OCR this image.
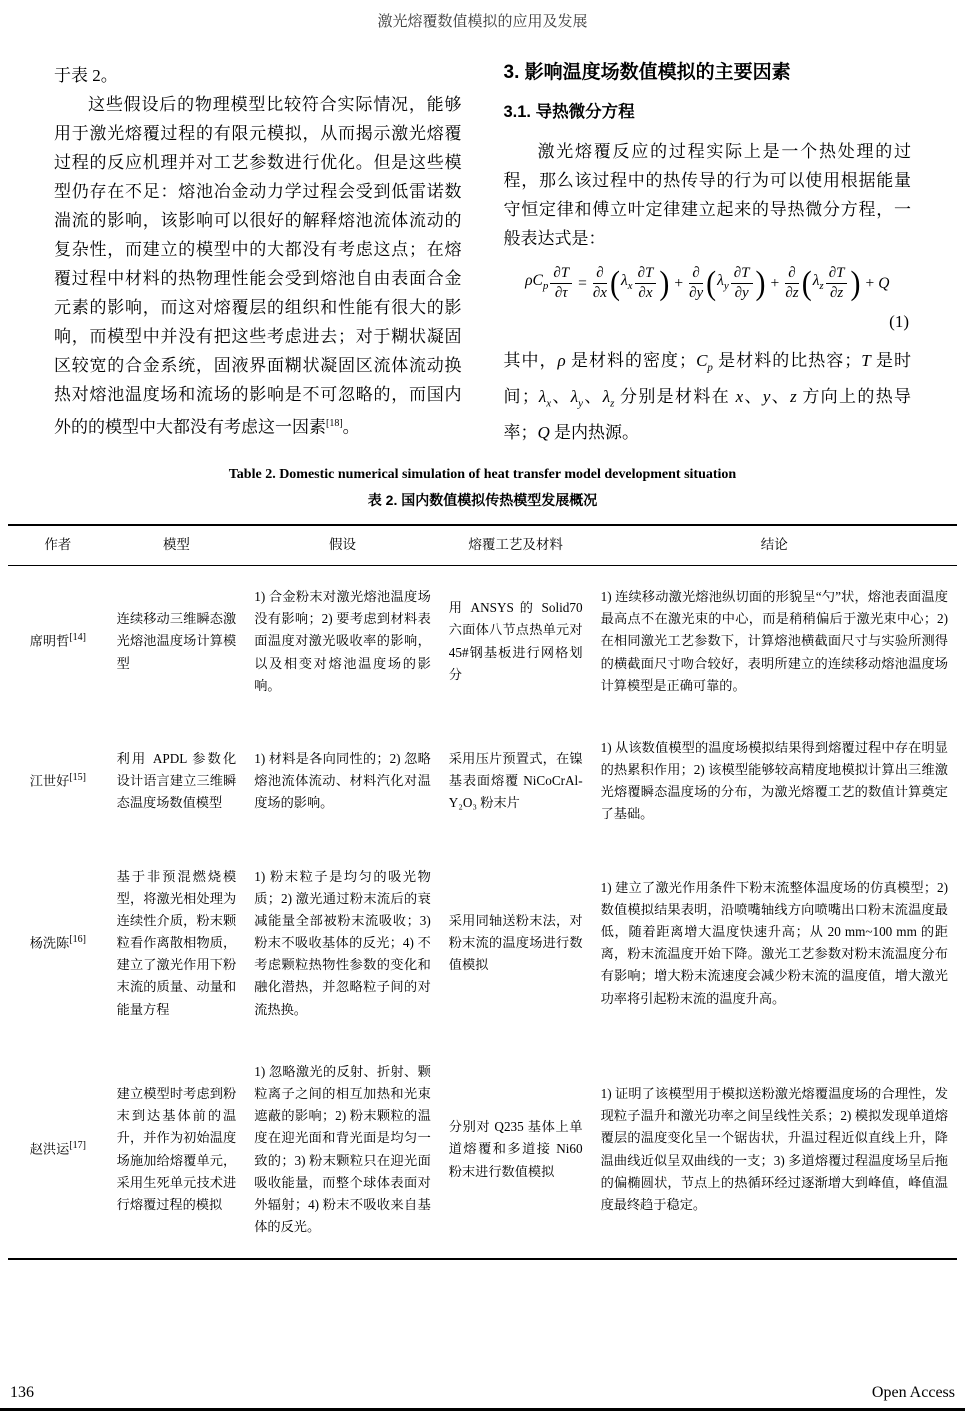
激光熔覆数值模拟的应用及发展

于表 2。

这些假设后的物理模型比较符合实际情况，能够用于激光熔覆过程的有限元模拟，从而揭示激光熔覆过程的反应机理并对工艺参数进行优化。但是这些模型仍存在不足：熔池冶金动力学过程会受到低雷诺数湍流的影响，该影响可以很好的解释熔池流体流动的复杂性，而建立的模型中的大都没有考虑这点；在熔覆过程中材料的热物理性能会受到熔池自由表面合金元素的影响，而这对熔覆层的组织和性能有很大的影响，而模型中并没有把这些考虑进去；对于糊状凝固区较宽的合金系统，固液界面糊状凝固区流体流动换热对熔池温度场和流场的影响是不可忽略的，而国内外的的模型中大都没有考虑这一因素[18]。

3. 影响温度场数值模拟的主要因素
3.1. 导热微分方程

激光熔覆反应的过程实际上是一个热处理的过程，那么该过程中的热传导的行为可以使用根据能量守恒定律和傅立叶定律建立起来的导热微分方程，一般表达式是：

$\rho C_p \frac{\partial T}{\partial\tau} = \frac{\partial}{\partial x}$ ( $\lambda_x \frac{\partial T}{\partial x}$ ) + $\frac{\partial}{\partial y}$ ( $\lambda_y \frac{\partial T}{\partial y}$ ) + $\frac{\partial}{\partial z}$ ( $\lambda_z \frac{\partial T}{\partial z}$ ) + Q
(1)

其中，ρ 是材料的密度；$C_p$ 是材料的比热容；T 是时间；$\lambda_x$、$\lambda_y$、$\lambda_z$ 分别是材料在 x、y、z 方向上的热导率；Q 是内热源。

Table 2. Domestic numerical simulation of heat transfer model development situation
表 2. 国内数值模拟传热模型发展概况
作者	模型	假设	熔覆工艺及材料	结论
席明哲[14]	连续移动三维瞬态激光熔池温度场计算模型	1) 合金粉末对激光熔池温度场没有影响；2) 要考虑到材料表面温度对激光吸收率的影响，以及相变对熔池温度场的影响。	用 ANSYS 的 Solid70 六面体八节点热单元对45#钢基板进行网格划分	1) 连续移动激光熔池纵切面的形貌呈“勺”状，熔池表面温度最高点不在激光束的中心，而是稍稍偏后于激光束中心；2) 在相同激光工艺参数下，计算熔池横截面尺寸与实验所测得的横截面尺寸吻合较好，表明所建立的连续移动熔池温度场计算模型是正确可靠的。
江世好[15]	利用 APDL 参数化设计语言建立三维瞬态温度场数值模型	1) 材料是各向同性的；2) 忽略熔池流体流动、材料汽化对温度场的影响。	采用压片预置式，在镍基表面熔覆 NiCoCrAl-Y₂O₃ 粉末片	1) 从该数值模型的温度场模拟结果得到熔覆过程中存在明显的热累积作用；2) 该模型能够较高精度地模拟计算出三维激光熔覆瞬态温度场的分布，为激光熔覆工艺的数值计算奠定了基础。
杨洗陈[16]	基于非预混燃烧模型，将激光相处理为连续性介质，粉末颗粒看作离散相物质，建立了激光作用下粉末流的质量、动量和能量方程	1) 粉末粒子是均匀的吸光物质；2) 激光通过粉末流后的衰减能量全部被粉末流吸收；3) 粉末不吸收基体的反光；4) 不考虑颗粒热物性参数的变化和融化潜热，并忽略粒子间的对流热换。	采用同轴送粉末法，对粉末流的温度场进行数值模拟	1) 建立了激光作用条件下粉末流整体温度场的仿真模型；2) 数值模拟结果表明，沿喷嘴轴线方向喷嘴出口粉末流温度最低，随着距离增大温度快速升高；从 20 mm~100 mm 的距离，粉末流温度开始下降。激光工艺参数对粉末流温度分布有影响；增大粉末流速度会减少粉末流的温度值，增大激光功率将引起粉末流的温度升高。
赵洪运[17]	建立模型时考虑到粉末到达基体前的温升，并作为初始温度场施加给熔覆单元，采用生死单元技术进行熔覆过程的模拟	1) 忽略激光的反射、折射、颗粒离子之间的相互加热和光束遮蔽的影响；2) 粉末颗粒的温度在迎光面和背光面是均匀一致的；3) 粉末颗粒只在迎光面吸收能量，而整个球体表面对外辐射；4) 粉末不吸收来自基体的反光。	分别对 Q235 基体上单道熔覆和多道接 Ni60 粉末进行数值模拟	1) 证明了该模型用于模拟送粉激光熔覆温度场的合理性，发现粒子温升和激光功率之间呈线性关系；2) 模拟发现单道熔覆层的温度变化呈一个锯齿状，升温过程近似直线上升，降温曲线近似呈双曲线的一支；3) 多道熔覆过程温度场呈后拖的偏椭圆状，节点上的热循环经过逐渐增大到峰值，峰值温度最终趋于稳定。
136	Open Access
